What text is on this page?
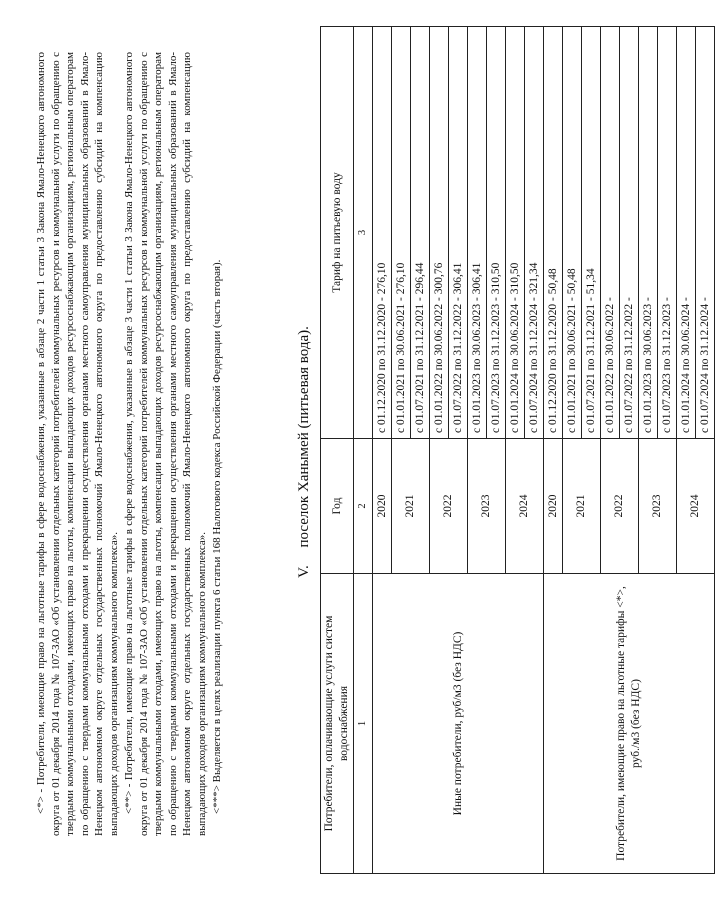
<*> - Потребители, имеющие право на льготные тарифы в сфере водоснабжения, указанные в абзаце 2 части 1 статьи 3 Закона Ямало-Ненецкого автономного округа от 01 декабря 2014 года № 107-ЗАО «Об установлении отдельных категорий потребителей коммунальных ресурсов и коммунальной услуги по обращению с твердыми коммунальными отходами, имеющих право на льготы, компенсации выпадающих доходов ресурсоснабжающим организациям, региональным операторам по обращению с твердыми коммунальными отходами и прекращении осуществления органами местного самоуправления муниципальных образований в Ямало-Ненецком автономном округе отдельных государственных полномочий Ямало-Ненецкого автономного округа по предоставлению субсидий на компенсацию выпадающих доходов организациям коммунального комплекса». <**> - Потребители, имеющие право на льготные тарифы в сфере водоснабжения, указанные в абзаце 3 части 1 статьи 3 Закона Ямало-Ненецкого автономного округа от 01 декабря 2014 года № 107-ЗАО «Об установлении отдельных категорий потребителей коммунальных ресурсов и коммунальной услуги по обращению с твердыми коммунальными отходами, имеющих право на льготы, компенсации выпадающих доходов ресурсоснабжающим организациям, региональным операторам по обращению с твердыми коммунальными отходами и прекращении осуществления органами местного самоуправления муниципальных образований в Ямало-Ненецком автономном округе отдельных государственных полномочий Ямало-Ненецкого автономного округа по предоставлению субсидий на компенсацию выпадающих доходов организациям коммунального комплекса». <***> Выделяется в целях реализации пункта 6 статьи 168 Налогового кодекса Российской Федерации (часть вторая).	V. поселок Ханымей (питьевая вода).
Потребители, оплачивающие услуги систем водоснабжения	Год	Тариф на питьевую воду
1	2	3
Иные потребители, руб/м3 (без НДС)	2020	с 01.12.2020 по 31.12.2020 - 276,10
	2021	с 01.01.2021 по 30.06.2021 - 276,10
		с 01.07.2021 по 31.12.2021 - 296,44
	2022	с 01.01.2022 по 30.06.2022 - 300,76
		с 01.07.2022 по 31.12.2022 - 306,41
	2023	с 01.01.2023 по 30.06.2023 - 306,41
		с 01.07.2023 по 31.12.2023 - 310,50
	2024	с 01.01.2024 по 30.06.2024 - 310,50
		с 01.07.2024 по 31.12.2024 - 321,34
Потребители, имеющие право на льготные тарифы <*>, руб./м3 (без НДС)	2020	с 01.12.2020 по 31.12.2020 - 50,48
	2021	с 01.01.2021 по 30.06.2021 - 50,48
		с 01.07.2021 по 31.12.2021 - 51,34
	2022	с 01.01.2022 по 30.06.2022 -
		с 01.07.2022 по 31.12.2022 -
	2023	с 01.01.2023 по 30.06.2023 -
		с 01.07.2023 по 31.12.2023 -
	2024	с 01.01.2024 по 30.06.2024 -
		с 01.07.2024 по 31.12.2024 -
